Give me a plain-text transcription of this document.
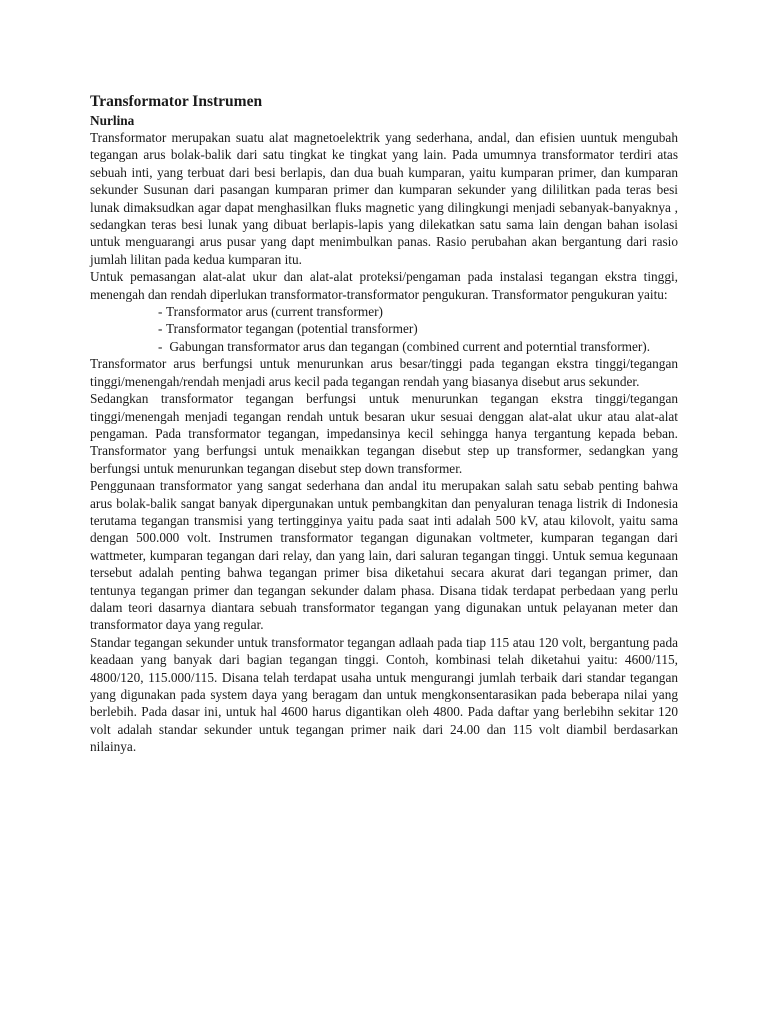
Transformator Instrumen
Nurlina

Transformator merupakan suatu alat magnetoelektrik yang sederhana, andal, dan efisien uuntuk mengubah tegangan arus bolak-balik dari satu tingkat ke tingkat yang lain. Pada umumnya transformator terdiri atas sebuah inti, yang terbuat dari besi berlapis, dan dua buah kumparan, yaitu kumparan primer, dan kumparan sekunder Susunan dari pasangan kumparan primer dan kumparan sekunder yang dililitkan pada teras besi lunak dimaksudkan agar dapat menghasilkan fluks magnetic yang dilingkungi menjadi sebanyak-banyaknya , sedangkan teras besi lunak yang dibuat berlapis-lapis yang dilekatkan satu sama lain dengan bahan isolasi untuk menguarangi arus pusar yang dapt menimbulkan panas. Rasio perubahan akan bergantung dari rasio jumlah lilitan pada kedua kumparan itu.

Untuk pemasangan alat-alat ukur dan alat-alat proteksi/pengaman pada instalasi tegangan ekstra tinggi, menengah dan rendah diperlukan transformator-transformator pengukuran. Transformator pengukuran yaitu:

- Transformator arus (current transformer)
- Transformator tegangan (potential transformer)
- Gabungan transformator arus dan tegangan (combined current and poterntial transformer).

Transformator arus berfungsi untuk menurunkan arus besar/tinggi pada tegangan ekstra tinggi/tegangan tinggi/menengah/rendah menjadi arus kecil pada tegangan rendah yang biasanya disebut arus sekunder.

Sedangkan transformator tegangan berfungsi untuk menurunkan tegangan ekstra tinggi/tegangan tinggi/menengah menjadi tegangan rendah untuk besaran ukur sesuai denggan alat-alat ukur atau alat-alat pengaman. Pada transformator tegangan, impedansinya kecil sehingga hanya tergantung kepada beban. Transformator yang berfungsi untuk menaikkan tegangan disebut step up transformer, sedangkan yang berfungsi untuk menurunkan tegangan disebut step down transformer.

Penggunaan transformator yang sangat sederhana dan andal itu merupakan salah satu sebab penting bahwa arus bolak-balik sangat banyak dipergunakan untuk pembangkitan dan penyaluran tenaga listrik di Indonesia terutama tegangan transmisi yang tertingginya yaitu pada saat inti adalah 500 kV, atau kilovolt, yaitu sama dengan 500.000 volt. Instrumen transformator tegangan digunakan voltmeter, kumparan tegangan dari wattmeter, kumparan tegangan dari relay, dan yang lain, dari saluran tegangan tinggi. Untuk semua kegunaan tersebut adalah penting bahwa tegangan primer bisa diketahui secara akurat dari tegangan primer, dan tentunya tegangan primer dan tegangan sekunder dalam phasa. Disana tidak terdapat perbedaan yang perlu dalam teori dasarnya diantara sebuah transformator tegangan yang digunakan untuk pelayanan meter dan transformator daya yang regular.

Standar tegangan sekunder untuk transformator tegangan adlaah pada tiap 115 atau 120 volt, bergantung pada keadaan yang banyak dari bagian tegangan tinggi. Contoh, kombinasi telah diketahui yaitu: 4600/115, 4800/120, 115.000/115. Disana telah terdapat usaha untuk mengurangi jumlah terbaik dari standar tegangan yang digunakan pada system daya yang beragam dan untuk mengkonsentarasikan pada beberapa nilai yang berlebih. Pada dasar ini, untuk hal 4600 harus digantikan oleh 4800. Pada daftar yang berlebihn sekitar 120 volt adalah standar sekunder untuk tegangan primer naik dari 24.00 dan 115 volt diambil berdasarkan nilainya.
